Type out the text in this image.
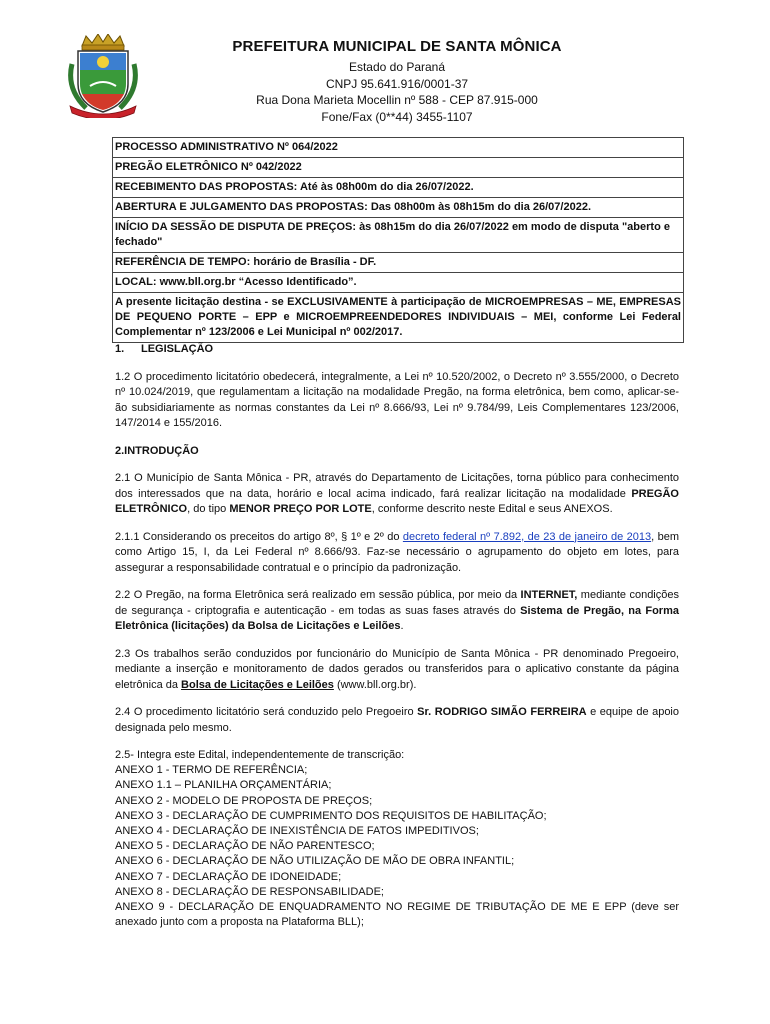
PREFEITURA MUNICIPAL DE SANTA MÔNICA
Estado do Paraná
CNPJ 95.641.916/0001-37
Rua Dona Marieta Mocellin nº 588 - CEP 87.915-000
Fone/Fax (0**44) 3455-1107
PROCESSO ADMINISTRATIVO Nº 064/2022
PREGÃO ELETRÔNICO Nº 042/2022
RECEBIMENTO DAS PROPOSTAS: Até às 08h00m do dia 26/07/2022.
ABERTURA E JULGAMENTO DAS PROPOSTAS: Das 08h00m às 08h15m do dia 26/07/2022.
INÍCIO DA SESSÃO DE DISPUTA DE PREÇOS: às 08h15m do dia 26/07/2022 em modo de disputa "aberto e fechado"
REFERÊNCIA DE TEMPO: horário de Brasília - DF.
LOCAL: www.bll.org.br “Acesso Identificado”.
A presente licitação destina - se EXCLUSIVAMENTE à participação de MICROEMPRESAS – ME, EMPRESAS DE PEQUENO PORTE – EPP e MICROEMPREENDEDORES INDIVIDUAIS – MEI, conforme Lei Federal Complementar nº 123/2006 e Lei Municipal nº 002/2017.
1. LEGISLAÇÃO

1.2 O procedimento licitatório obedecerá, integralmente, a Lei nº 10.520/2002, o Decreto nº 3.555/2000, o Decreto nº 10.024/2019, que regulamentam a licitação na modalidade Pregão, na forma eletrônica, bem como, aplicar-se-ão subsidiariamente as normas constantes da Lei nº 8.666/93, Lei nº 9.784/99, Leis Complementares 123/2006, 147/2014 e 155/2016.

2.INTRODUÇÃO

2.1 O Município de Santa Mônica - PR, através do Departamento de Licitações, torna público para conhecimento dos interessados que na data, horário e local acima indicado, fará realizar licitação na modalidade PREGÃO ELETRÔNICO, do tipo MENOR PREÇO POR LOTE, conforme descrito neste Edital e seus ANEXOS.

2.1.1 Considerando os preceitos do artigo 8º, § 1º e 2º do decreto federal nº 7.892, de 23 de janeiro de 2013, bem como Artigo 15, I, da Lei Federal nº 8.666/93. Faz-se necessário o agrupamento do objeto em lotes, para assegurar a responsabilidade contratual e o princípio da padronização.

2.2 O Pregão, na forma Eletrônica será realizado em sessão pública, por meio da INTERNET, mediante condições de segurança - criptografia e autenticação - em todas as suas fases através do Sistema de Pregão, na Forma Eletrônica (licitações) da Bolsa de Licitações e Leilões.

2.3 Os trabalhos serão conduzidos por funcionário do Município de Santa Mônica - PR denominado Pregoeiro, mediante a inserção e monitoramento de dados gerados ou transferidos para o aplicativo constante da página eletrônica da Bolsa de Licitações e Leilões (www.bll.org.br).

2.4 O procedimento licitatório será conduzido pelo Pregoeiro Sr. RODRIGO SIMÃO FERREIRA e equipe de apoio designada pelo mesmo.

2.5- Integra este Edital, independentemente de transcrição:
ANEXO 1 - TERMO DE REFERÊNCIA;
ANEXO 1.1 – PLANILHA ORÇAMENTÁRIA;
ANEXO 2 - MODELO DE PROPOSTA DE PREÇOS;
ANEXO 3 - DECLARAÇÃO DE CUMPRIMENTO DOS REQUISITOS DE HABILITAÇÃO;
ANEXO 4 - DECLARAÇÃO DE INEXISTÊNCIA DE FATOS IMPEDITIVOS;
ANEXO 5 - DECLARAÇÃO DE NÃO PARENTESCO;
ANEXO 6 - DECLARAÇÃO DE NÃO UTILIZAÇÃO DE MÃO DE OBRA INFANTIL;
ANEXO 7 - DECLARAÇÃO DE IDONEIDADE;
ANEXO 8 - DECLARAÇÃO DE RESPONSABILIDADE;
ANEXO 9 - DECLARAÇÃO DE ENQUADRAMENTO NO REGIME DE TRIBUTAÇÃO DE ME E EPP (deve ser anexado junto com a proposta na Plataforma BLL);
